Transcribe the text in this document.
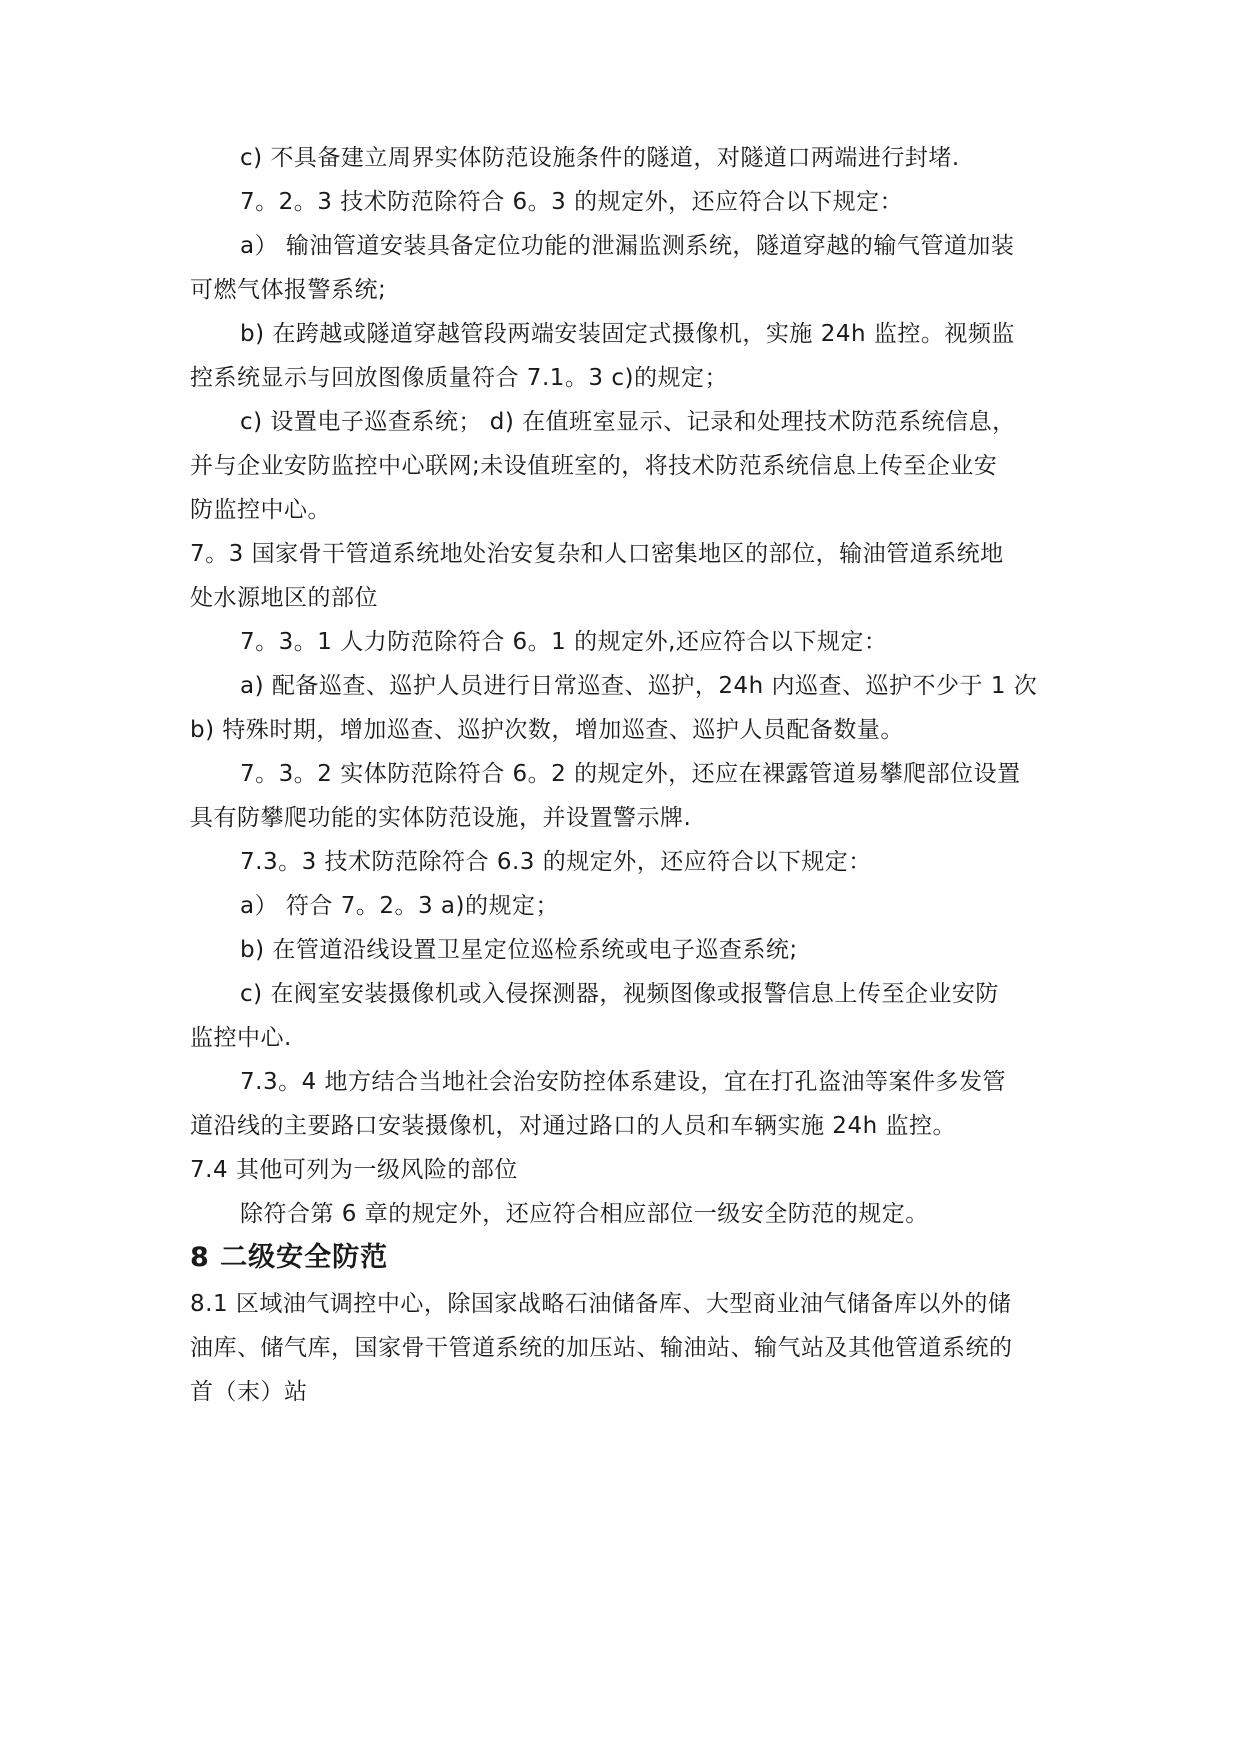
c) 不具备建立周界实体防范设施条件的隧道，对隧道口两端进行封堵.
7。2。3 技术防范除符合 6。3 的规定外，还应符合以下规定：
a） 输油管道安装具备定位功能的泄漏监测系统，隧道穿越的输气管道加装
可燃气体报警系统;
b) 在跨越或隧道穿越管段两端安装固定式摄像机，实施 24h 监控。视频监
控系统显示与回放图像质量符合 7.1。3 c)的规定；
c) 设置电子巡查系统； d) 在值班室显示、记录和处理技术防范系统信息，
并与企业安防监控中心联网;未设值班室的，将技术防范系统信息上传至企业安
防监控中心。
7。3 国家骨干管道系统地处治安复杂和人口密集地区的部位，输油管道系统地
处水源地区的部位
7。3。1 人力防范除符合 6。1 的规定外,还应符合以下规定：
a) 配备巡查、巡护人员进行日常巡查、巡护，24h 内巡查、巡护不少于 1 次
b) 特殊时期，增加巡查、巡护次数，增加巡查、巡护人员配备数量。
7。3。2 实体防范除符合 6。2 的规定外，还应在裸露管道易攀爬部位设置
具有防攀爬功能的实体防范设施，并设置警示牌.
7.3。3 技术防范除符合 6.3 的规定外，还应符合以下规定：
a） 符合 7。2。3 a)的规定；
b) 在管道沿线设置卫星定位巡检系统或电子巡查系统;
c) 在阀室安装摄像机或入侵探测器，视频图像或报警信息上传至企业安防
监控中心.
7.3。4 地方结合当地社会治安防控体系建设，宜在打孔盗油等案件多发管
道沿线的主要路口安装摄像机，对通过路口的人员和车辆实施 24h 监控。
7.4 其他可列为一级风险的部位
除符合第 6 章的规定外，还应符合相应部位一级安全防范的规定。
8 二级安全防范
8.1 区域油气调控中心，除国家战略石油储备库、大型商业油气储备库以外的储
油库、储气库，国家骨干管道系统的加压站、输油站、输气站及其他管道系统的
首（末）站
